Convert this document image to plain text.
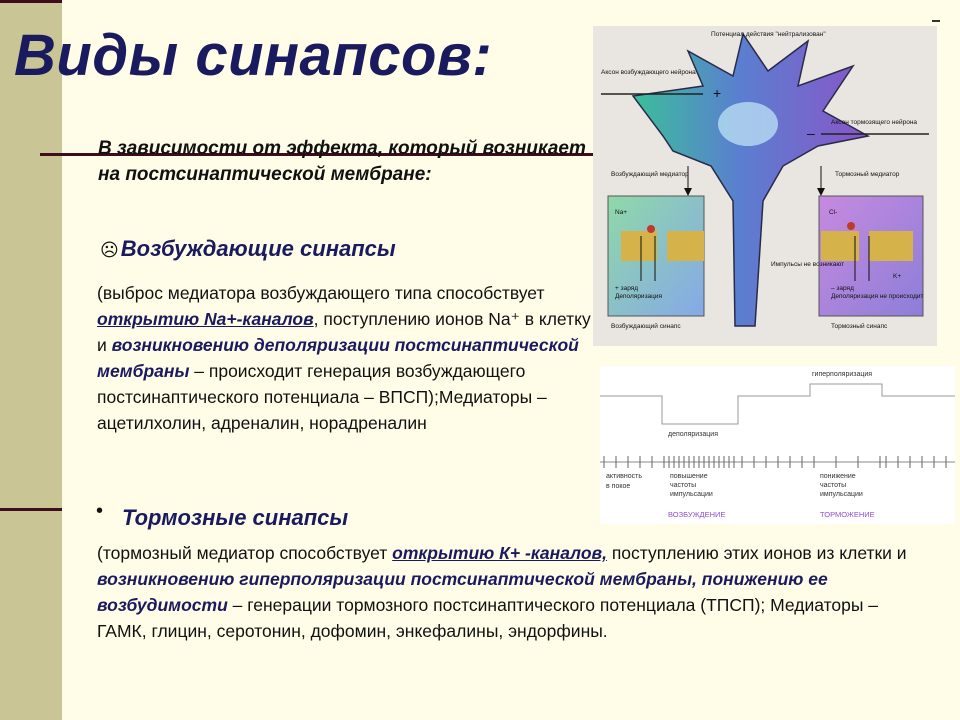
Виды синапсов:
В зависимости от эффекта, который возникает на постсинаптической мембране:
☹Возбуждающие синапсы
(выброс медиатора возбуждающего типа способствует открытию Na+-каналов, поступлению ионов Na⁺ в клетку и возникновению деполяризации постсинаптической мембраны – происходит генерация возбуждающего постсинаптического потенциала – ВПСП);Медиаторы – ацетилхолин, адреналин, норадреналин
• Тормозные синапсы
(тормозный медиатор способствует открытию К+ -каналов, поступлению этих ионов из клетки и возникновению гиперполяризации постсинаптической мембраны, понижению ее возбудимости – генерации тормозного постсинаптического потенциала (ТПСП); Медиаторы – ГАМК, глицин, серотонин, дофомин, энкефалины, эндорфины.
+
–
Потенциал действия "нейтрализован"
Аксон возбуждающего нейрона
Аксон тормозящего нейрона
Возбуждающий медиатор	Тормозный медиатор
Импульсы не возникают
Na+
K+
Cl-
+ заряд
Деполяризация
– заряд
Деполяризация не происходит
Возбуждающий синапс	Тормозный синапс
гиперполяризация
деполяризация
активность
в покое
повышение
частоты
импульсации
понижение
частоты
импульсации
ВОЗБУЖДЕНИЕ	ТОРМОЖЕНИЕ
